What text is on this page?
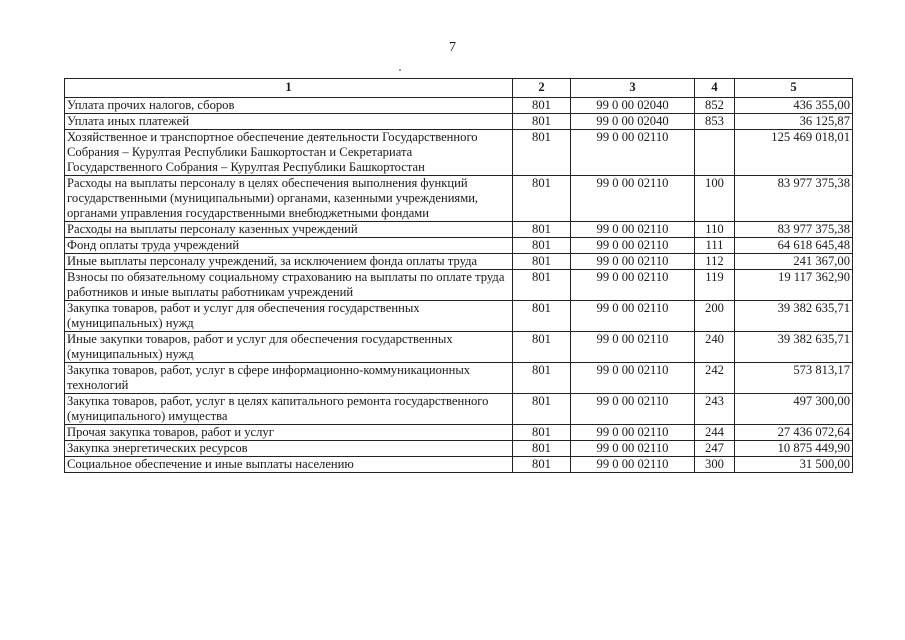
7
1	2	3	4	5
Уплата прочих налогов, сборов	801	99 0 00 02040	852	436 355,00
Уплата иных платежей	801	99 0 00 02040	853	36 125,87
Хозяйственное и транспортное обеспечение деятельности Государственного Собрания – Курултая Республики Башкортостан и Секретариата Государственного Собрания – Курултая Республики Башкортостан	801	99 0 00 02110		125 469 018,01
Расходы на выплаты персоналу в целях обеспечения выполнения функций государственными (муниципальными) органами, казенными учреждениями, органами управления государственными внебюджетными фондами	801	99 0 00 02110	100	83 977 375,38
Расходы на выплаты персоналу казенных учреждений	801	99 0 00 02110	110	83 977 375,38
Фонд оплаты труда учреждений	801	99 0 00 02110	111	64 618 645,48
Иные выплаты персоналу учреждений, за исключением фонда оплаты труда	801	99 0 00 02110	112	241 367,00
Взносы по обязательному социальному страхованию на выплаты по оплате труда работников и иные выплаты работникам учреждений	801	99 0 00 02110	119	19 117 362,90
Закупка товаров, работ и услуг для обеспечения государственных (муниципальных) нужд	801	99 0 00 02110	200	39 382 635,71
Иные закупки товаров, работ и услуг для обеспечения государственных (муниципальных) нужд	801	99 0 00 02110	240	39 382 635,71
Закупка товаров, работ, услуг в сфере информационно-коммуникационных технологий	801	99 0 00 02110	242	573 813,17
Закупка товаров, работ, услуг в целях капитального ремонта государственного (муниципального) имущества	801	99 0 00 02110	243	497 300,00
Прочая закупка товаров, работ и услуг	801	99 0 00 02110	244	27 436 072,64
Закупка энергетических ресурсов	801	99 0 00 02110	247	10 875 449,90
Социальное обеспечение и иные выплаты населению	801	99 0 00 02110	300	31 500,00
